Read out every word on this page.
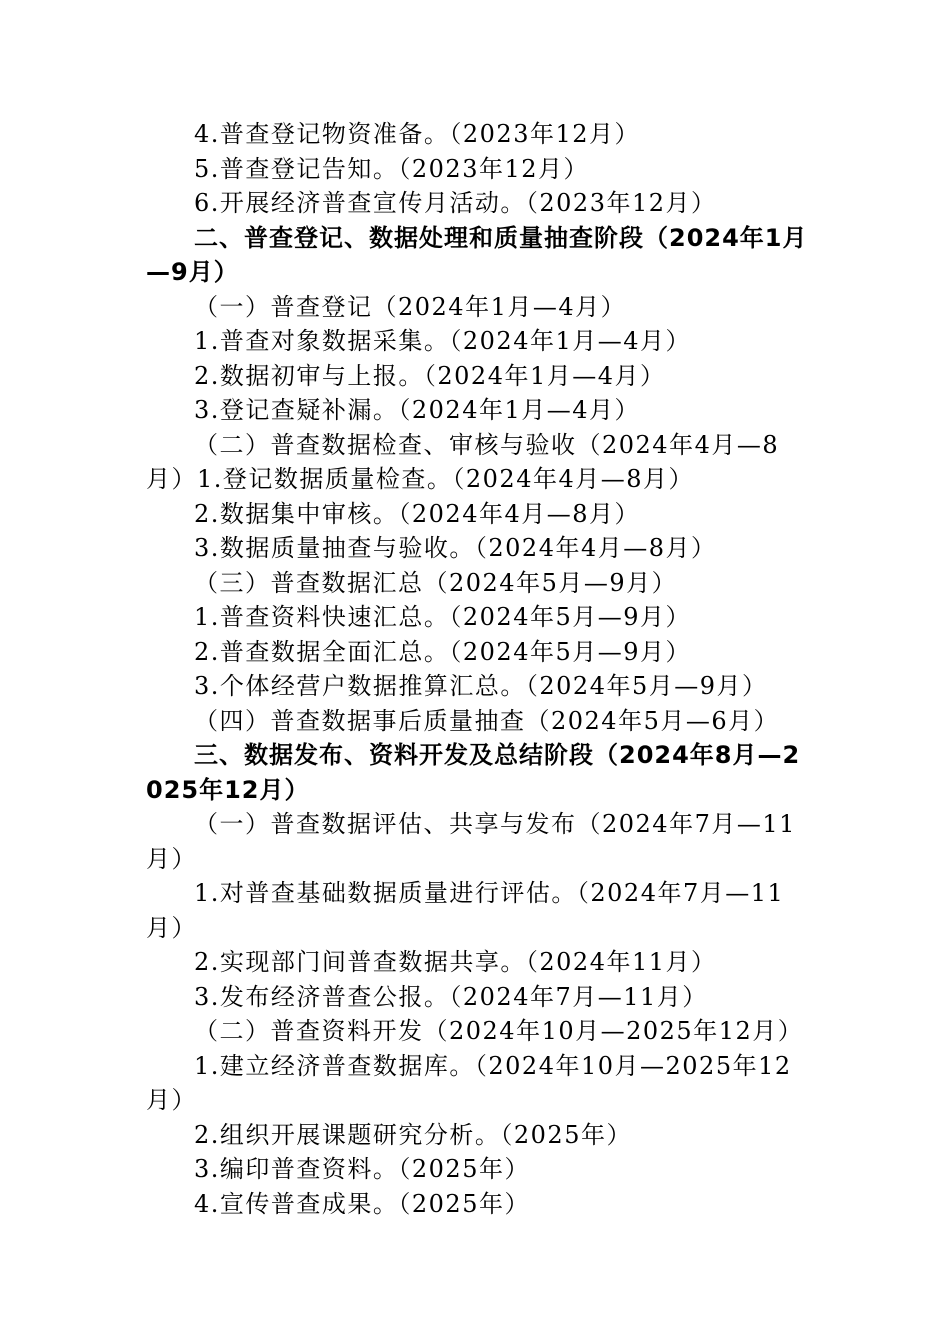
4.普查登记物资准备。（2023年12月）
5.普查登记告知。（2023年12月）
6.开展经济普查宣传月活动。（2023年12月）
二、普查登记、数据处理和质量抽查阶段（2024年1月—9月）
（一）普查登记（2024年1月—4月）
1.普查对象数据采集。（2024年1月—4月）
2.数据初审与上报。（2024年1月—4月）
3.登记查疑补漏。（2024年1月—4月）
（二）普查数据检查、审核与验收（2024年4月—8月）1.登记数据质量检查。（2024年4月—8月）
2.数据集中审核。（2024年4月—8月）
3.数据质量抽查与验收。（2024年4月—8月）
（三）普查数据汇总（2024年5月—9月）
1.普查资料快速汇总。（2024年5月—9月）
2.普查数据全面汇总。（2024年5月—9月）
3.个体经营户数据推算汇总。（2024年5月—9月）
（四）普查数据事后质量抽查（2024年5月—6月）
三、数据发布、资料开发及总结阶段（2024年8月—2025年12月）
（一）普查数据评估、共享与发布（2024年7月—11月）
1.对普查基础数据质量进行评估。（2024年7月—11月）
2.实现部门间普查数据共享。（2024年11月）
3.发布经济普查公报。（2024年7月—11月）
（二）普查资料开发（2024年10月—2025年12月）
1.建立经济普查数据库。（2024年10月—2025年12月）
2.组织开展课题研究分析。（2025年）
3.编印普查资料。（2025年）
4.宣传普查成果。（2025年）
